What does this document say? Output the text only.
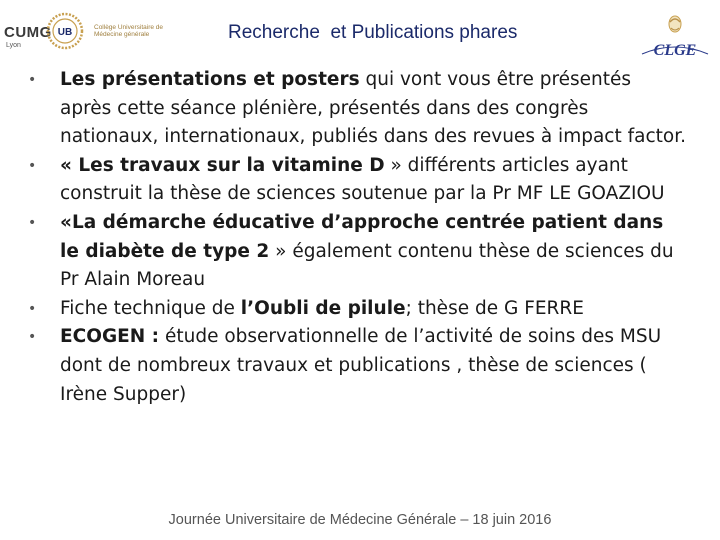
CUMG
Lyon
UB	Collège Universitaire de Médecine générale	Recherche  et Publications phares
CLGE

• Les présentations et posters qui vont vous être présentés après cette séance plénière, présentés dans des congrès nationaux, internationaux, publiés dans des revues à impact factor.

• « Les travaux sur la vitamine D » différents articles ayant construit la thèse de sciences soutenue par la Pr MF LE GOAZIOU

• «La démarche éducative d’approche centrée patient dans le diabète de type 2 » également contenu thèse de sciences du Pr Alain Moreau

• Fiche technique de l’Oubli de pilule; thèse de G FERRE

• ECOGEN : étude observationnelle de l’activité de soins des MSU dont de nombreux travaux et publications , thèse de sciences ( Irène Supper)

Journée Universitaire de Médecine Générale – 18 juin 2016
